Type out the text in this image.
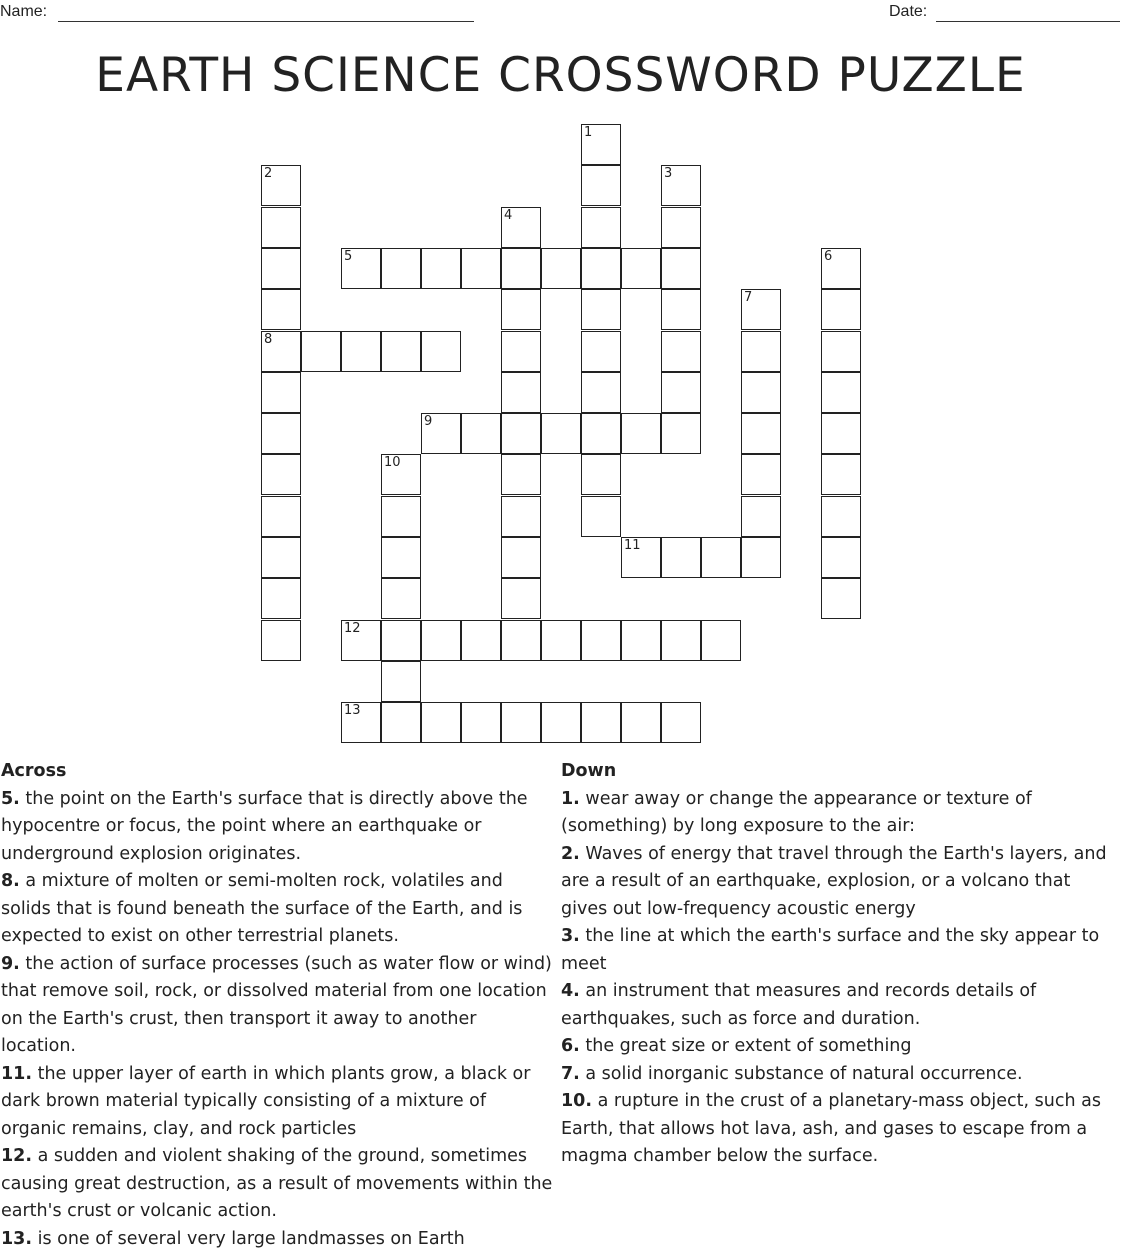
Name:	Date:
EARTH SCIENCE CROSSWORD PUZZLE
1
2
8
3
4
5	6
7
9
10
11
12
13
Across
5. the point on the Earth's surface that is directly above the hypocentre or focus, the point where an earthquake or underground explosion originates.
8. a mixture of molten or semi-molten rock, volatiles and solids that is found beneath the surface of the Earth, and is expected to exist on other terrestrial planets.
9. the action of surface processes (such as water flow or wind) that remove soil, rock, or dissolved material from one location on the Earth's crust, then transport it away to another location.
11. the upper layer of earth in which plants grow, a black or dark brown material typically consisting of a mixture of organic remains, clay, and rock particles
12. a sudden and violent shaking of the ground, sometimes causing great destruction, as a result of movements within the earth's crust or volcanic action.
13. is one of several very large landmasses on Earth
Down
1. wear away or change the appearance or texture of (something) by long exposure to the air:
2. Waves of energy that travel through the Earth's layers, and are a result of an earthquake, explosion, or a volcano that gives out low-frequency acoustic energy
3. the line at which the earth's surface and the sky appear to meet
4. an instrument that measures and records details of earthquakes, such as force and duration.
6. the great size or extent of something
7. a solid inorganic substance of natural occurrence.
10. a rupture in the crust of a planetary-mass object, such as Earth, that allows hot lava, ash, and gases to escape from a magma chamber below the surface.
